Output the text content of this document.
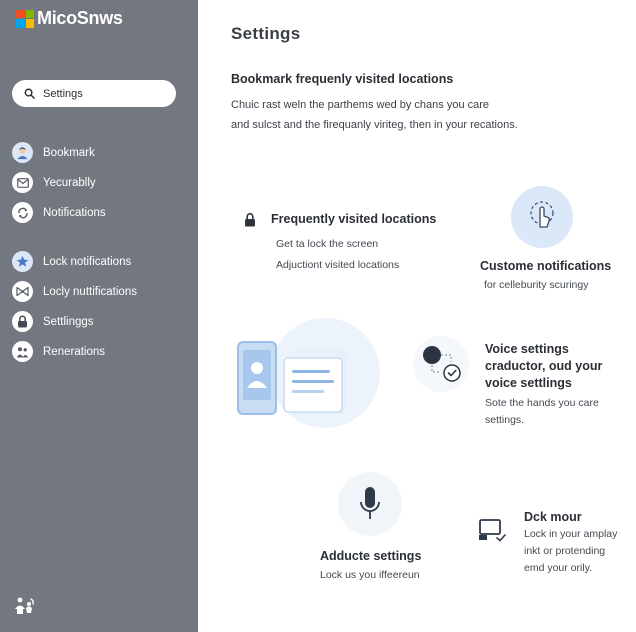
MicoSnws
Settings
Bookmark
Yecurablly
Notifications
Lock notifications
Locly nuttifications
Settlinggs
Renerations
Settings
Bookmark frequenly visited locations
Chuic rast weln the parthems wed by chans you care
and sulcst and the firequanly viriteg, then in your recations.
Frequently visited locations
Get ta lock the screen
Adjuctiont visited locations	Custome notifications
for celleburity scuringy
Voice settings
craductor, oud your
voice settlings
Sote the hands you care
settings.
Adducte settings
Lock us you iffeereun
Dck mour
Lock in your amplay
inkt or protending
emd your orily.
